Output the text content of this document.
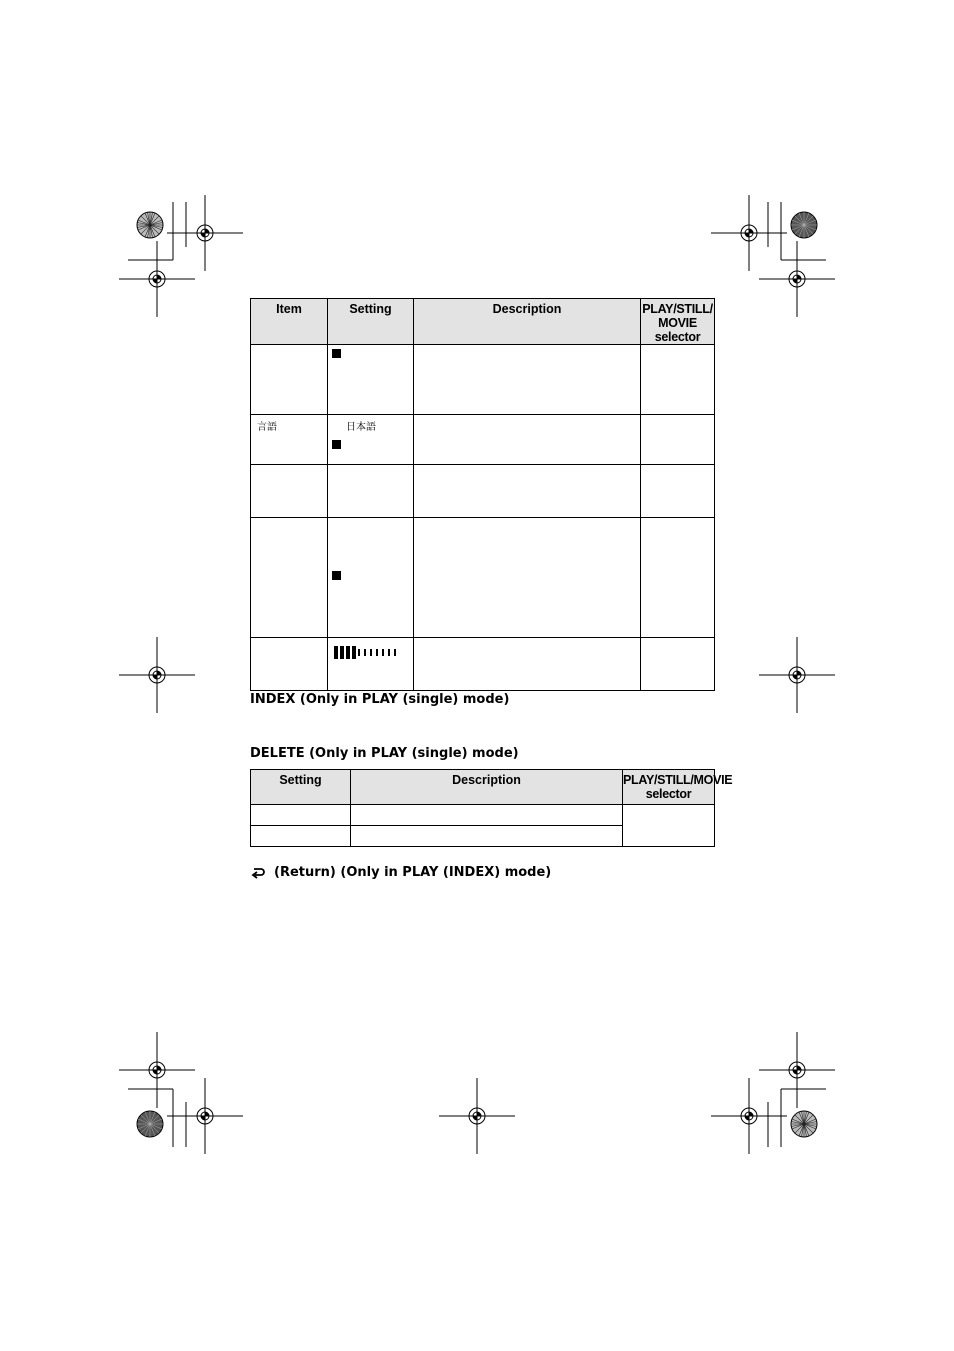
Item	Setting	Description	PLAY/STILL/
MOVIE selector

言語	日本語		

INDEX (Only in PLAY (single) mode)
DELETE (Only in PLAY (single) mode)
Setting	Description	PLAY/STILL/MOVIE
selector

(Return) (Only in PLAY (INDEX) mode)
